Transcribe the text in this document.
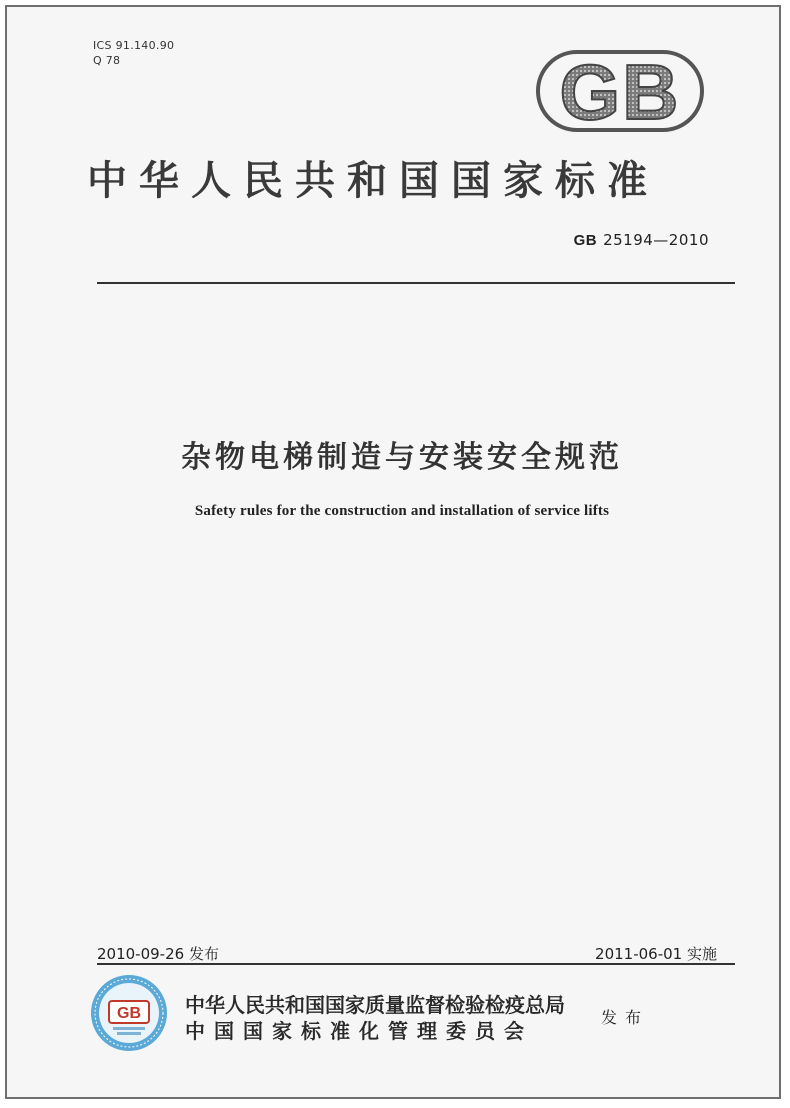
ICS 91.140.90
Q 78	GB
中华人民共和国国家标准
GB 25194—2010
杂物电梯制造与安装安全规范
Safety rules for the construction and installation of service lifts
2010-09-26 发布	2011-06-01 实施
GB 中华人民共和国国家质量监督检验检疫总局
中国国家标准化管理委员会
发布
